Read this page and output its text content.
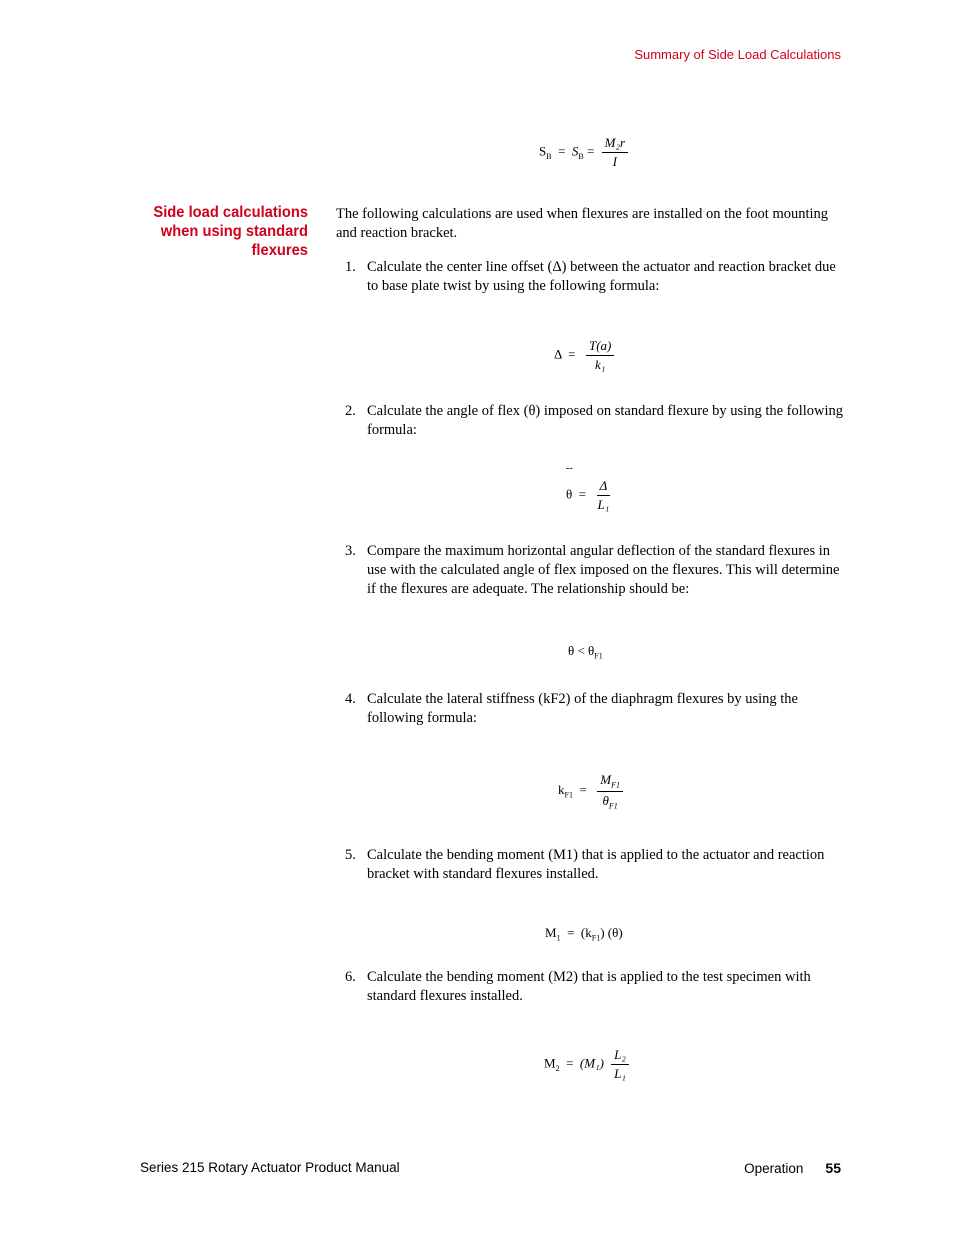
Summary of Side Load Calculations
$S_B = S_B = \frac{\text{M₂r}}{I}$
Side load calculations
when using standard
flexures
The following calculations are used when flexures are installed on the foot mounting and reaction bracket.
1. Calculate the center line offset (Δ) between the actuator and reaction bracket due to base plate twist by using the following formula:
$\Delta = \frac{T(a)}{\text{k₁}}$
2. Calculate the angle of flex (θ) imposed on standard flexure by using the following formula:
--
$\theta = \frac{\Delta}{\text{L₁}}$
3. Compare the maximum horizontal angular deflection of the standard flexures in use with the calculated angle of flex imposed on the flexures. This will determine if the flexures are adequate. The relationship should be:
$\theta < \theta_{F1}$
4. Calculate the lateral stiffness (kF2) of the diaphragm flexures by using the following formula:
$k_{F1} = \frac{M_{F1}}{\theta_{F1}}$
5. Calculate the bending moment (M1) that is applied to the actuator and reaction bracket with standard flexures installed.
$M_1 = (k_{F1})$ (θ)
6. Calculate the bending moment (M2) that is applied to the test specimen with standard flexures installed.
$M_2 = (M_1) \frac{\text{L₂}}{\text{L₁}}$
Series 215 Rotary Actuator Product Manual	Operation 55
